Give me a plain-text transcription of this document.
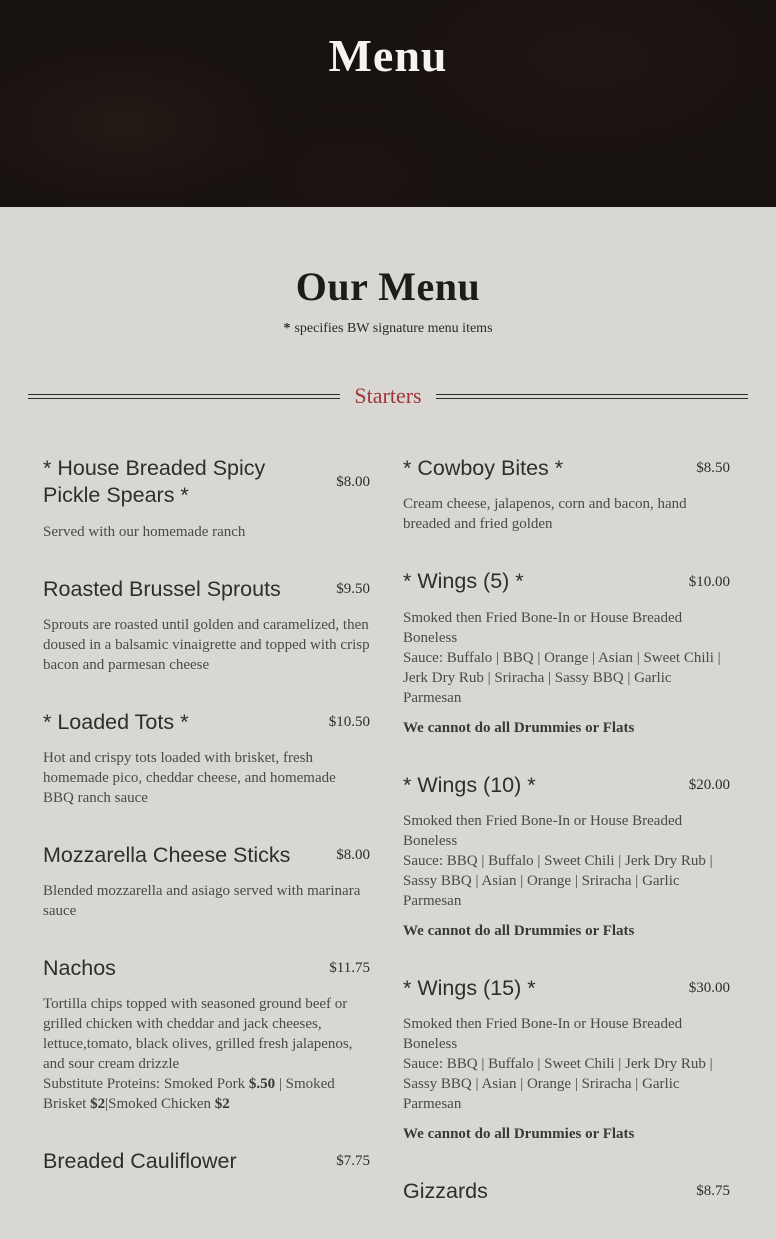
Menu
Our Menu
* specifies BW signature menu items
Starters
* House Breaded Spicy Pickle Spears *
$8.00

Served with our homemade ranch

Roasted Brussel Sprouts	$9.50

Sprouts are roasted until golden and caramelized, then doused in a balsamic vinaigrette and topped with crisp bacon and parmesan cheese

* Loaded Tots *	$10.50

Hot and crispy tots loaded with brisket, fresh homemade pico, cheddar cheese, and homemade BBQ ranch sauce

Mozzarella Cheese Sticks	$8.00

Blended mozzarella and asiago served with marinara sauce

Nachos	$11.75

Tortilla chips topped with seasoned ground beef or grilled chicken with cheddar and jack cheeses, lettuce,tomato, black olives, grilled fresh jalapenos, and sour cream drizzle
Substitute Proteins: Smoked Pork $.50 | Smoked Brisket $2|Smoked Chicken $2

Breaded Cauliflower	$7.75
* Cowboy Bites *	$8.50

Cream cheese, jalapenos, corn and bacon, hand breaded and fried golden

* Wings (5) *	$10.00

Smoked then Fried Bone-In or House Breaded Boneless
Sauce: Buffalo | BBQ | Orange | Asian | Sweet Chili | Jerk Dry Rub | Sriracha | Sassy BBQ | Garlic Parmesan

We cannot do all Drummies or Flats

* Wings (10) *	$20.00

Smoked then Fried Bone-In or House Breaded Boneless
Sauce: BBQ | Buffalo | Sweet Chili | Jerk Dry Rub | Sassy BBQ | Asian | Orange | Sriracha | Garlic Parmesan

We cannot do all Drummies or Flats

* Wings (15) *	$30.00

Smoked then Fried Bone-In or House Breaded Boneless
Sauce: BBQ | Buffalo | Sweet Chili | Jerk Dry Rub | Sassy BBQ | Asian | Orange | Sriracha | Garlic Parmesan

We cannot do all Drummies or Flats

Gizzards	$8.75
